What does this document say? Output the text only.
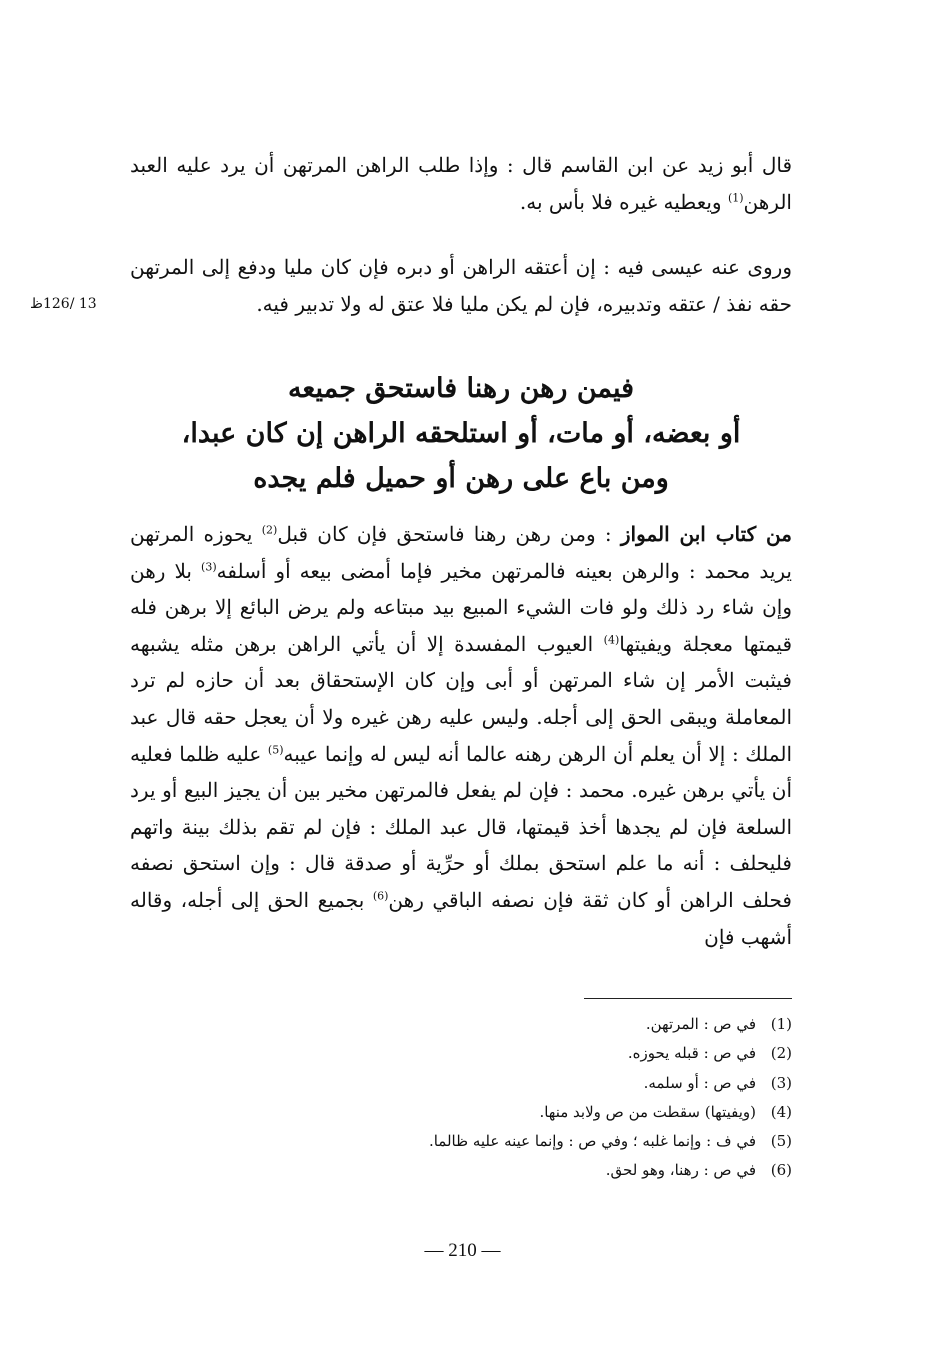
قال أبو زيد عن ابن القاسم قال : وإذا طلب الراهن المرتهن أن يرد عليه العبد الرهن$^{(1)}$ ويعطيه غيره فلا بأس به.

وروى عنه عيسى فيه : إن أعتقه الراهن أو دبره فإن كان مليا ودفع إلى المرتهن حقه نفذ / عتقه وتدبيره، فإن لم يكن مليا فلا عتق له ولا تدبير فيه.

13 /126ظ
فيمن رهن رهنا فاستحق جميعه
أو بعضه، أو مات، أو استلحقه الراهن إن كان عبدا،
ومن باع على رهن أو حميل فلم يجده

من كتاب ابن المواز : ومن رهن رهنا فاستحق فإن كان قبل$^{(2)}$ يحوزه المرتهن يريد محمد : والرهن بعينه فالمرتهن مخير فإما أمضى بيعه أو أسلفه$^{(3)}$ بلا رهن وإن شاء رد ذلك ولو فات الشيء المبيع بيد مبتاعه ولم يرض البائع إلا برهن فله قيمتها معجلة ويفيتها$^{(4)}$ العيوب المفسدة إلا أن يأتي الراهن برهن مثله يشبهه فيثبت الأمر إن شاء المرتهن أو أبى وإن كان الإستحقاق بعد أن حازه لم ترد المعاملة ويبقى الحق إلى أجله. وليس عليه رهن غيره ولا أن يعجل حقه قال عبد الملك : إلا أن يعلم أن الرهن رهنه عالما أنه ليس له وإنما عيبه$^{(5)}$ عليه ظلما فعليه أن يأتي برهن غيره. محمد : فإن لم يفعل فالمرتهن مخير بين أن يجيز البيع أو يرد السلعة فإن لم يجدها أخذ قيمتها، قال عبد الملك : فإن لم تقم بذلك بينة واتهم فليحلف : أنه ما علم استحق بملك أو حرِّية أو صدقة قال : وإن استحق نصفه فحلف الراهن أو كان ثقة فإن نصفه الباقي رهن$^{(6)}$ بجميع الحق إلى أجله، وقاله أشهب فإن

(1)
في ص : المرتهن.
(2)
في ص : قبله يحوزه.
(3)
في ص : أو سلمه.
(4)
(ويفيتها) سقطت من ص ولابد منها.
(5)
في ف : وإنما غلبه ؛ وفي ص : وإنما عينه عليه ظالما.
(6)
في ص : رهنا، وهو لحق.
— 210 —
